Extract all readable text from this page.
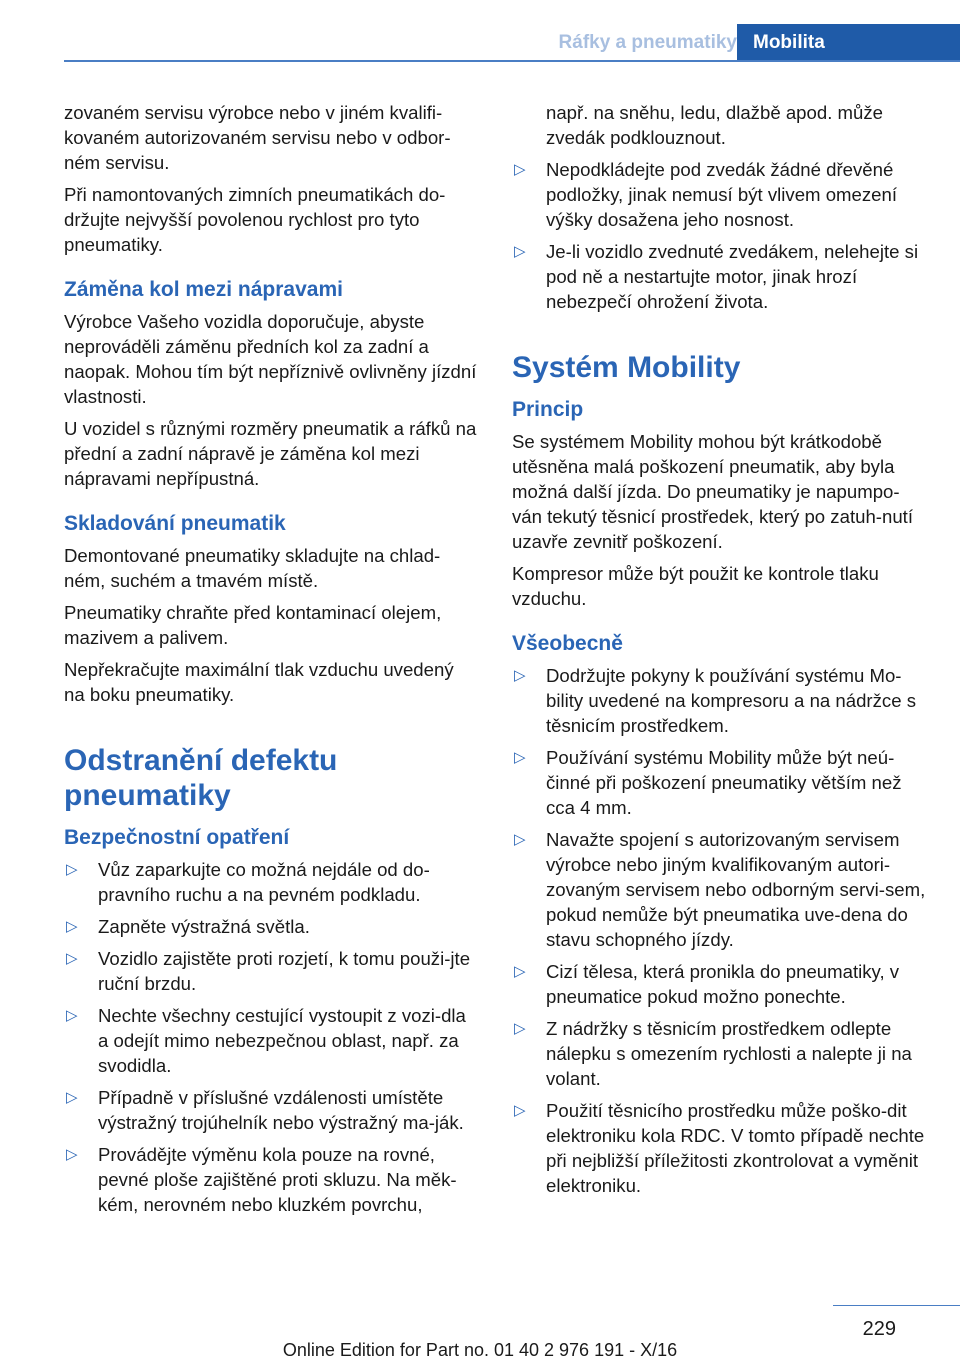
Ráfky a pneumatiky Mobilita

zovaném servisu výrobce nebo v jiném kvalifi‐kovaném autorizovaném servisu nebo v odbor‐ném servisu.

Při namontovaných zimních pneumatikách do‐držujte nejvyšší povolenou rychlost pro tyto pneumatiky.

Záměna kol mezi nápravami

Výrobce Vašeho vozidla doporučuje, abyste neprováděli záměnu předních kol za zadní a naopak. Mohou tím být nepříznivě ovlivněny jízdní vlastnosti.

U vozidel s různými rozměry pneumatik a ráfků na přední a zadní nápravě je záměna kol mezi nápravami nepřípustná.

Skladování pneumatik

Demontované pneumatiky skladujte na chlad‐ném, suchém a tmavém místě.

Pneumatiky chraňte před kontaminací olejem, mazivem a palivem.

Nepřekračujte maximální tlak vzduchu uvedený na boku pneumatiky.

Odstranění defektu pneumatiky
Bezpečnostní opatření
▷ Vůz zaparkujte co možná nejdále od do‐pravního ruchu a na pevném podkladu.
▷ Zapněte výstražná světla.
▷ Vozidlo zajistěte proti rozjetí, k tomu použi‐jte ruční brzdu.
▷ Nechte všechny cestující vystoupit z vozi‐dla a odejít mimo nebezpečnou oblast, např. za svodidla.
▷ Případně v příslušné vzdálenosti umístěte výstražný trojúhelník nebo výstražný ma‐ják.
▷ Provádějte výměnu kola pouze na rovné, pevné ploše zajištěné proti skluzu. Na měk‐kém, nerovném nebo kluzkém povrchu,

např. na sněhu, ledu, dlažbě apod. může zvedák podklouznout.

▷ Nepodkládejte pod zvedák žádné dřevěné podložky, jinak nemusí být vlivem omezení výšky dosažena jeho nosnost.
▷ Je-li vozidlo zvednuté zvedákem, nelehejte si pod ně a nestartujte motor, jinak hrozí nebezpečí ohrožení života.
Systém Mobility
Princip

Se systémem Mobility mohou být krátkodobě utěsněna malá poškození pneumatik, aby byla možná další jízda. Do pneumatiky je napumpo‐ván tekutý těsnicí prostředek, který po zatuh‐nutí uzavře zevnitř poškození.

Kompresor může být použit ke kontrole tlaku vzduchu.

Všeobecně
▷ Dodržujte pokyny k používání systému Mo‐bility uvedené na kompresoru a na nádržce s těsnicím prostředkem.
▷ Používání systému Mobility může být neú‐činné při poškození pneumatiky větším než cca 4 mm.
▷ Navažte spojení s autorizovaným servisem výrobce nebo jiným kvalifikovaným autori‐zovaným servisem nebo odborným servi‐sem, pokud nemůže být pneumatika uve‐dena do stavu schopného jízdy.
▷ Cizí tělesa, která pronikla do pneumatiky, v pneumatice pokud možno ponechte.
▷ Z nádržky s těsnicím prostředkem odlepte nálepku s omezením rychlosti a nalepte ji na volant.
▷ Použití těsnicího prostředku může poško‐dit elektroniku kola RDC. V tomto případě nechte při nejbližší příležitosti zkontrolovat a vyměnit elektroniku.
229
Online Edition for Part no. 01 40 2 976 191 - X/16
